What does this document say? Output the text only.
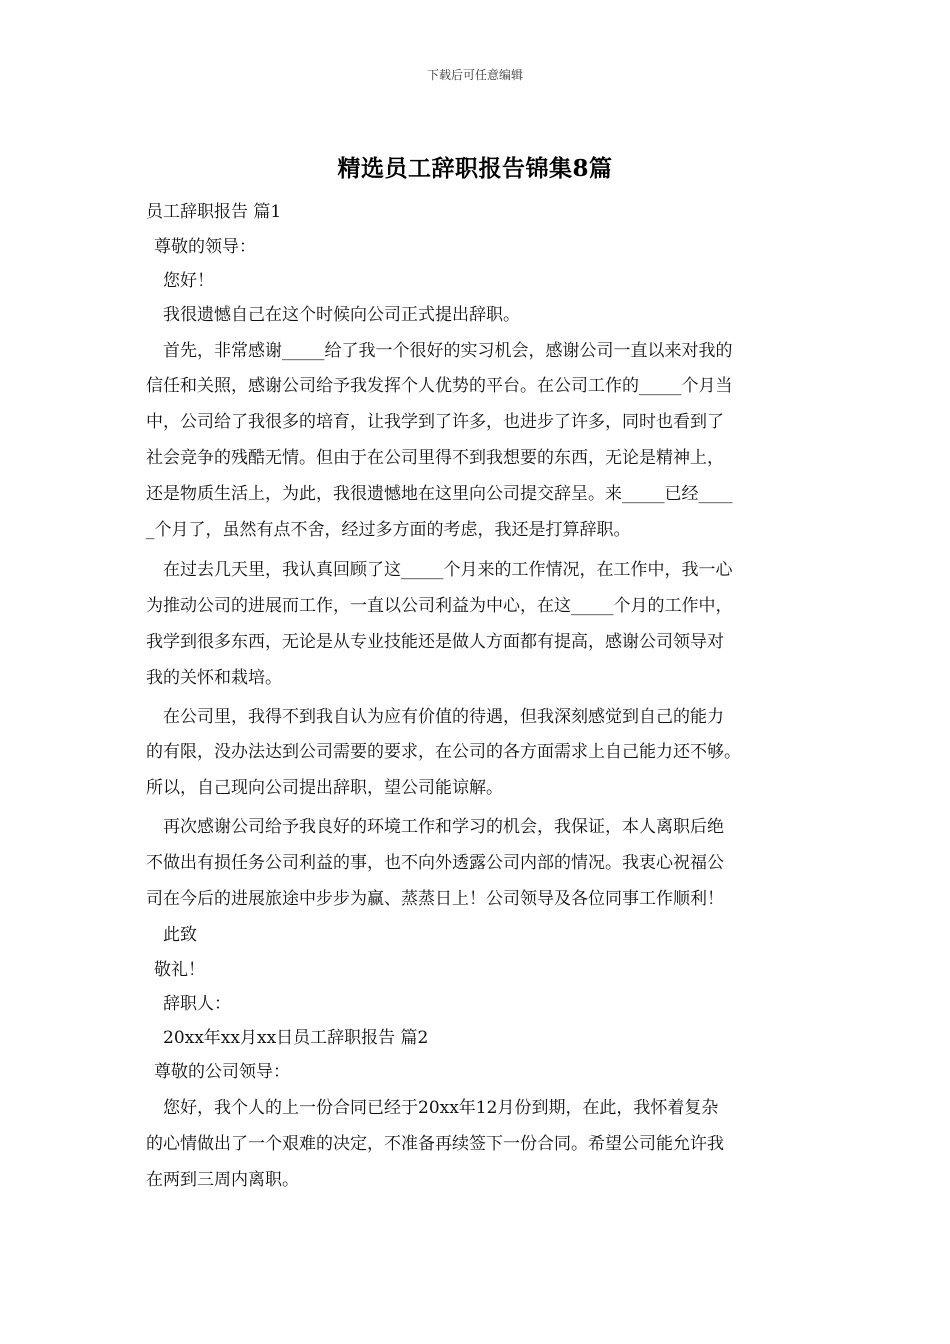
下载后可任意编辑
精选员工辞职报告锦集8篇
员工辞职报告 篇1
尊敬的领导：
您好！
我很遗憾自己在这个时候向公司正式提出辞职。
首先，非常感谢_____给了我一个很好的实习机会，感谢公司一直以来对我的
信任和关照，感谢公司给予我发挥个人优势的平台。在公司工作的_____个月当
中，公司给了我很多的培育，让我学到了许多，也进步了许多，同时也看到了
社会竞争的残酷无情。但由于在公司里得不到我想要的东西，无论是精神上，
还是物质生活上，为此，我很遗憾地在这里向公司提交辞呈。来_____已经____
_个月了，虽然有点不舍，经过多方面的考虑，我还是打算辞职。
在过去几天里，我认真回顾了这_____个月来的工作情况，在工作中，我一心
为推动公司的进展而工作，一直以公司利益为中心，在这_____个月的工作中，
我学到很多东西，无论是从专业技能还是做人方面都有提高，感谢公司领导对
我的关怀和栽培。
在公司里，我得不到我自认为应有价值的待遇，但我深刻感觉到自己的能力
的有限，没办法达到公司需要的要求，在公司的各方面需求上自己能力还不够。
所以，自己现向公司提出辞职，望公司能谅解。
再次感谢公司给予我良好的环境工作和学习的机会，我保证，本人离职后绝
不做出有损任务公司利益的事，也不向外透露公司内部的情况。我衷心祝福公
司在今后的进展旅途中步步为赢、蒸蒸日上！公司领导及各位同事工作顺利！
此致
敬礼！
辞职人：
20xx年xx月xx日员工辞职报告 篇2
尊敬的公司领导：
您好，我个人的上一份合同已经于20xx年12月份到期，在此，我怀着复杂
的心情做出了一个艰难的决定，不准备再续签下一份合同。希望公司能允许我
在两到三周内离职。
